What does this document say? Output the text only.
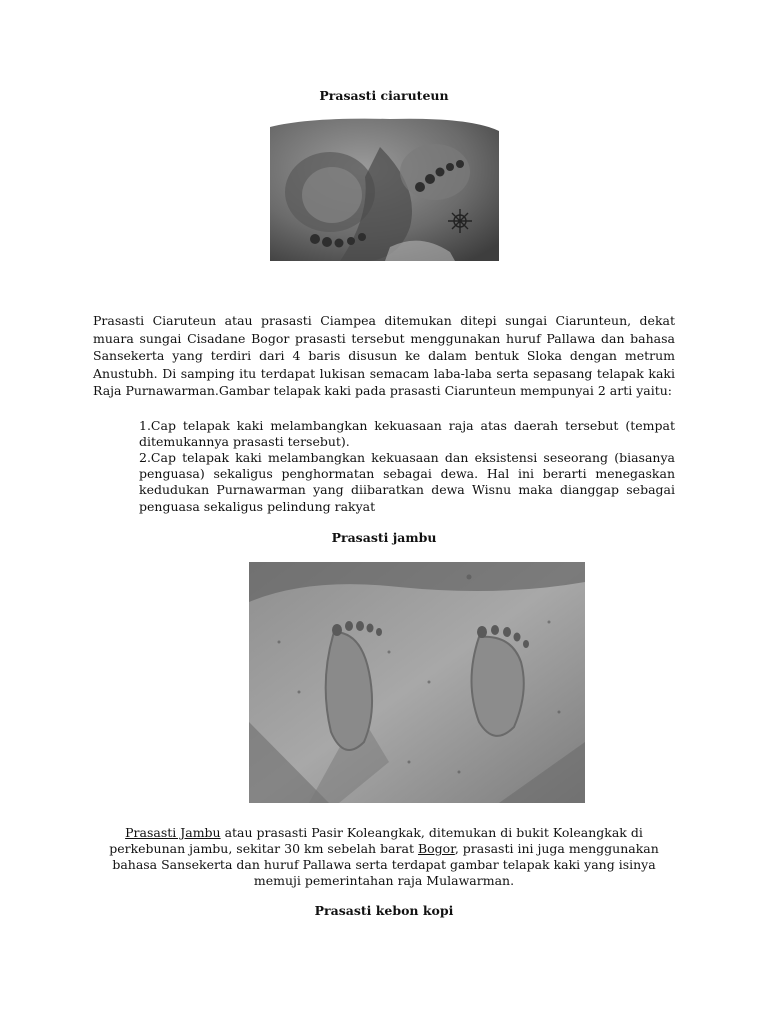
Prasasti ciaruteun

Prasasti Ciaruteun atau prasasti Ciampea ditemukan ditepi sungai Ciarunteun, dekat muara sungai Cisadane Bogor prasasti tersebut menggunakan huruf Pallawa dan bahasa Sansekerta yang terdiri dari 4 baris disusun ke dalam bentuk Sloka dengan metrum Anustubh. Di samping itu terdapat lukisan semacam laba-laba serta sepasang telapak kaki Raja Purnawarman.Gambar telapak kaki pada prasasti Ciarunteun mempunyai 2 arti yaitu:

1.Cap telapak kaki melambangkan kekuasaan raja atas daerah tersebut (tempat ditemukannya prasasti tersebut).

2.Cap telapak kaki melambangkan kekuasaan dan eksistensi seseorang (biasanya penguasa) sekaligus penghormatan sebagai dewa. Hal ini berarti menegaskan kedudukan Purnawarman yang diibaratkan dewa Wisnu maka dianggap sebagai penguasa sekaligus pelindung rakyat

Prasasti jambu

Prasasti Jambu atau prasasti Pasir Koleangkak, ditemukan di bukit Koleangkak di perkebunan jambu, sekitar 30 km sebelah barat Bogor, prasasti ini juga menggunakan bahasa Sansekerta dan huruf Pallawa serta terdapat gambar telapak kaki yang isinya memuji pemerintahan raja Mulawarman.

Prasasti kebon kopi
